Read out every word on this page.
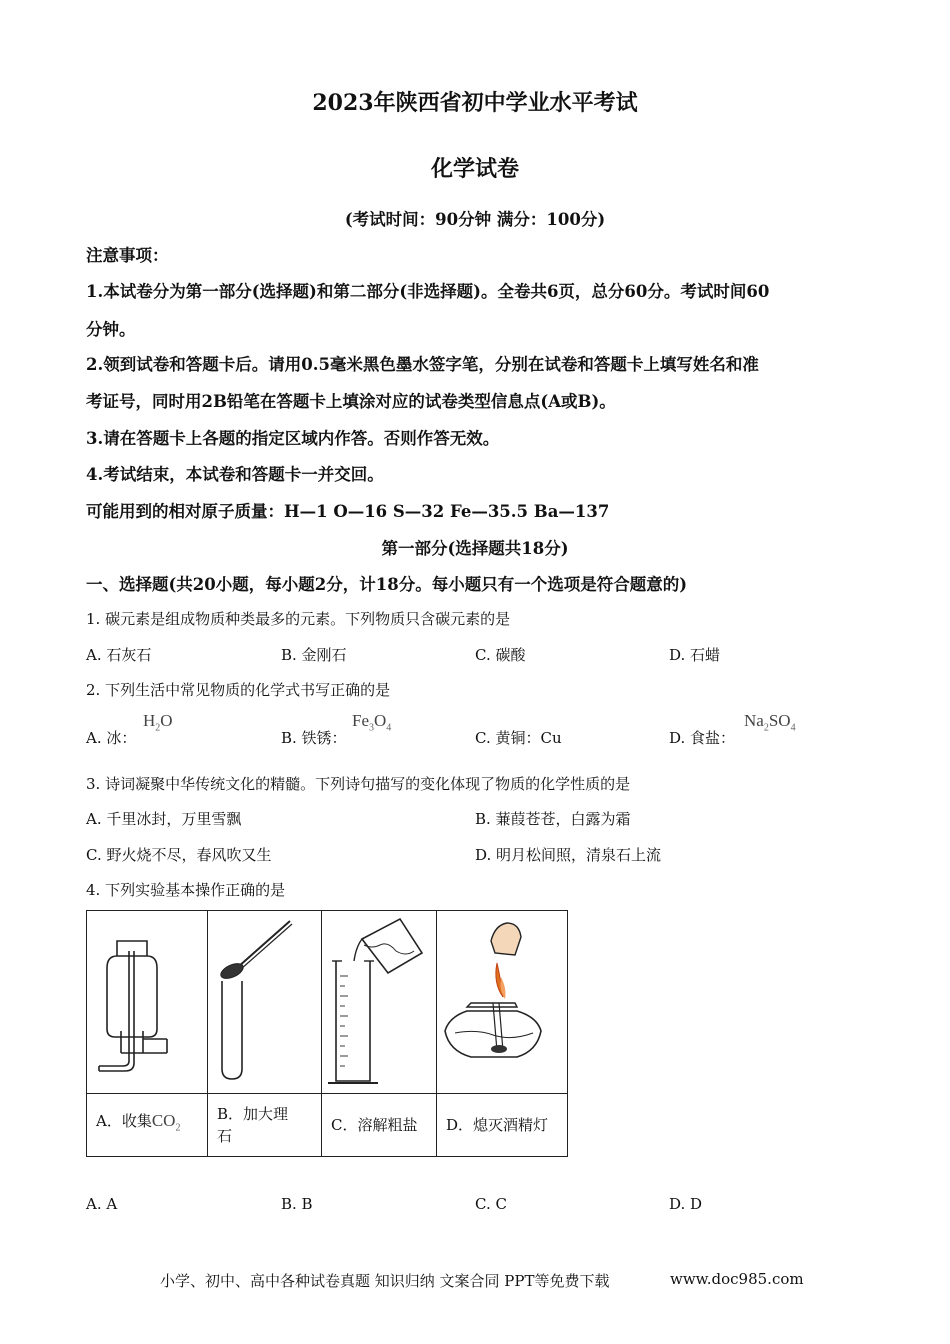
2023年陕西省初中学业水平考试
化学试卷
(考试时间：90分钟 满分：100分)
注意事项：
1.本试卷分为第一部分(选择题)和第二部分(非选择题)。全卷共6页，总分60分。考试时间60
分钟。
2.领到试卷和答题卡后。请用0.5毫米黑色墨水签字笔，分别在试卷和答题卡上填写姓名和准
考证号，同时用2B铅笔在答题卡上填涂对应的试卷类型信息点(A或B)。
3.请在答题卡上各题的指定区域内作答。否则作答无效。
4.考试结束，本试卷和答题卡一并交回。
可能用到的相对原子质量：H—1 O—16 S—32 Fe—35.5 Ba—137
第一部分(选择题共18分)
一、选择题(共20小题，每小题2分，计18分。每小题只有一个选项是符合题意的)
1. 碳元素是组成物质种类最多的元素。下列物质只含碳元素的是
A. 石灰石	B. 金刚石	C. 碳酸	D. 石蜡
2. 下列生活中常见物质的化学式书写正确的是
A. 冰：
$H_2O$
B. 铁锈：
$Fe_3O_4$
C. 黄铜：Cu	D. 食盐：
$Na_2SO_4$
3. 诗词凝聚中华传统文化的精髓。下列诗句描写的变化体现了物质的化学性质的是
A. 千里冰封，万里雪飘	B. 蒹葭苍苍，白露为霜
C. 野火烧不尽，春风吹又生	D. 明月松间照，清泉石上流
4. 下列实验基本操作正确的是

A．收集$CO_2$	B．加大理
石	C．溶解粗盐	D．熄灭酒精灯
A. A	B. B	C. C	D. D
小学、初中、高中各种试卷真题 知识归纳 文案合同 PPT等免费下载	www.doc985.com
